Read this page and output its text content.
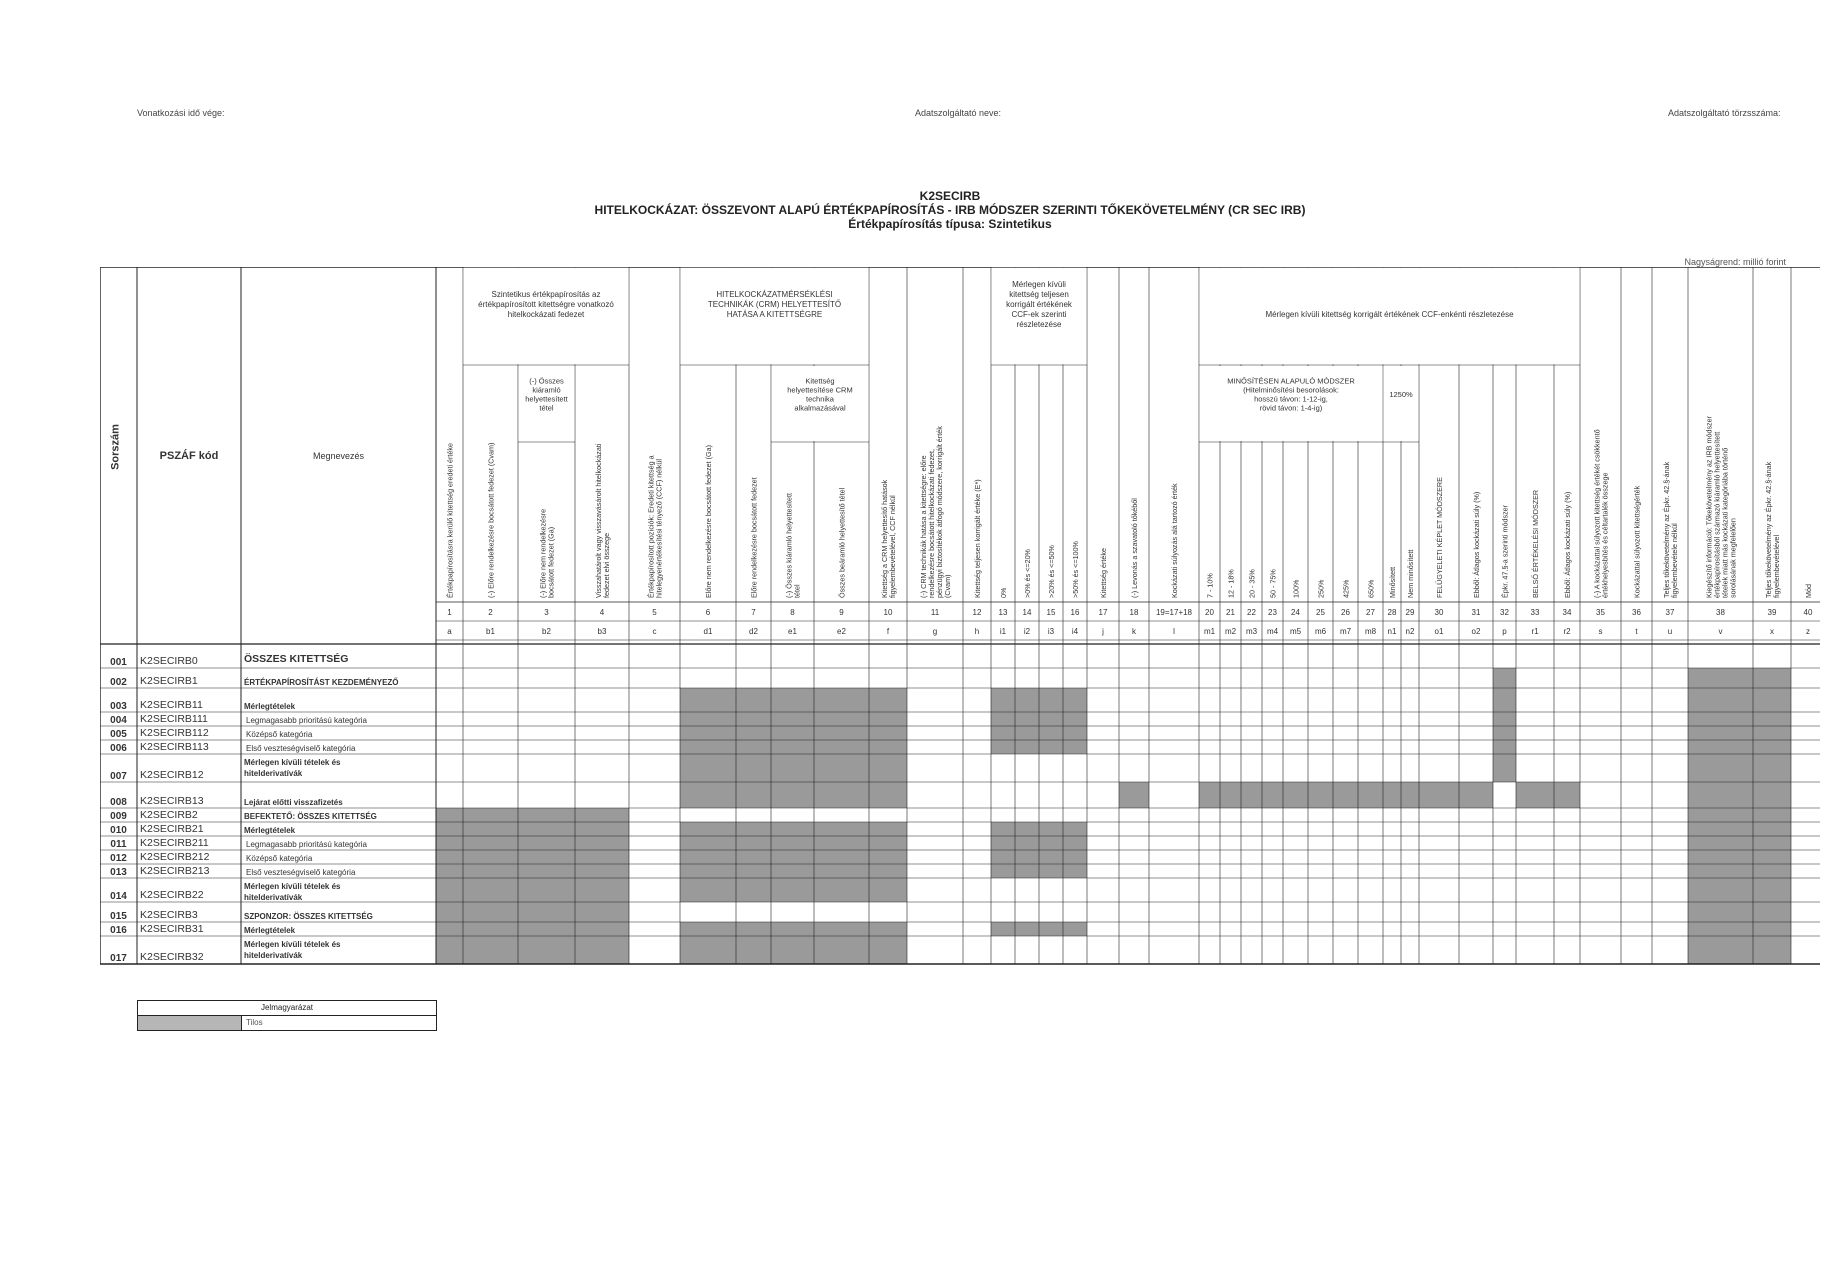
Vonatkozási idő vége:	Adatszolgáltató neve:	Adatszolgáltató törzsszáma:
K2SECIRB
HITELKOCKÁZAT: ÖSSZEVONT ALAPÚ ÉRTÉKPAPÍROSÍTÁS - IRB MÓDSZER SZERINTI TŐKEKÖVETELMÉNY (CR SEC IRB)
Értékpapírosítás típusa: Szintetikus
Nagyságrend: millió forint
Sorszám	PSZÁF kód	Megnevezés
Szintetikus értékpapírosítás az
értékpapírosított kitettségre vonatkozó
hitelkockázati fedezet
HITELKOCKÁZATMÉRSÉKLÉSI
TECHNIKÁK (CRM) HELYETTESÍTŐ
HATÁSA A KITETTSÉGRE
Mérlegen kívüli
kitettség teljesen
korrigált értékének
CCF-ek szerinti
részletezése
Mérlegen kívüli kitettség korrigált értékének CCF-enkénti részletezése
(-) Összes
kiáramló
helyettesített
tétel
Kitettség
helyettesítése CRM
technika
alkalmazásával
MINŐSÍTÉSEN ALAPULÓ MÓDSZER
(Hitelminősítési besorolások:
hosszú távon: 1-12-ig,
rövid távon: 1-4-ig)
1250%
Értékpapírosításra kerülő kitettség eredeti értéke
1
a
(-) Előre rendelkezésre bocsátott fedezet (Cvam)
2
b1
(-) Előre nem rendelkezésre bocsátott fedezet (Ga)
3
b2
Visszahatárolt vagy visszavásárolt hitelkockázati fedezet elvi összege
4
b3
Értékpapírosított pozíciók: Eredeti kitettség a hitelegyenértékesítési tényező (CCF) nélkül
5
c
Előre nem rendelkezésre bocsátott fedezet (Ga)
6
d1
Előre rendelkezésre bocsátott fedezet
7
d2
(-) Összes kiáramló helyettesített tétel
8
e1
Összes beáramló helyettesítő tétel
9
e2
Kitettség a CRM helyettesítő hatások figyelembevételével, CCF nélkül
10
f
(-) CRM technikák hatása a kitettségre: előre rendelkezésre bocsátott hitelkockázati fedezet, pénzügyi biztosítékok átfogó módszere, korrigált érték (Cvam)
11
g
Kitettség teljesen korrigált értéke (E*)
12
h
0%
13
i1
>0% és <=20%
14
i2
>20% és <=50%
15
i3
>50% és <=100%
16
i4
Kitettség értéke
17
j
(-) Levonás a szavatoló tőkéből
18
k
Kockázati súlyozás alá tartozó érték
19=17+18
l
7 - 10%
20
m1
12 - 18%
21
m2
20 - 35%
22
m3
50 - 75%
23
m4
100%
24
m5
250%
25
m6
425%
26
m7
650%
27
m8
Minősített
28
n1
Nem minősített
29
n2
FELÜGYELETI KÉPLET MÓDSZERE
30
o1
Ebből: Átlagos kockázati súly (%)
31
o2
Épkr. 47.§-a szerinti módszer
32
p
BELSŐ ÉRTÉKELÉSI MÓDSZER
33
r1
Ebből: Átlagos kockázati súly (%)
34
r2
(-) A kockázattal súlyozott kitettség értékét csökkentő értékhelyesbítés és céltartalék összege
35
s
Kockázattal súlyozott kitettségérték
36
t
Teljes tőkekövetelmény az Épkr. 42.§-ának figyelembevétele nélkül
37
u
Kiegészítő információ: Tőkekövetelmény az IRB módszer értékpapírosításból származó kiáramló helyettesített tételek miatt más kockázati kategóriába történő sorolásának megfelelően
38
v
Teljes tőkekövetelmény az Épkr. 42.§-ának figyelembevételével
39
x
Mód
40
z
001 K2SECIRB0	ÖSSZES KITETTSÉG
002 K2SECIRB1	ÉRTÉKPAPÍROSÍTÁST KEZDEMÉNYEZŐ
003 K2SECIRB11	Mérlegtételek
004 K2SECIRB111	Legmagasabb prioritású kategória
005 K2SECIRB112	Középső kategória
006 K2SECIRB113	Első veszteségviselő kategória
007 K2SECIRB12
Mérlegen kívüli tételek és
hitelderivatívák
008 K2SECIRB13	Lejárat előtti visszafizetés
009 K2SECIRB2	BEFEKTETŐ: ÖSSZES KITETTSÉG
010 K2SECIRB21	Mérlegtételek
011 K2SECIRB211	Legmagasabb prioritású kategória
012 K2SECIRB212	Középső kategória
013 K2SECIRB213	Első veszteségviselő kategória
014 K2SECIRB22
Mérlegen kívüli tételek és
hitelderivatívák
015 K2SECIRB3	SZPONZOR: ÖSSZES KITETTSÉG
016 K2SECIRB31	Mérlegtételek
017 K2SECIRB32
Mérlegen kívüli tételek és
hitelderivatívák
Jelmagyarázat
Tilos
